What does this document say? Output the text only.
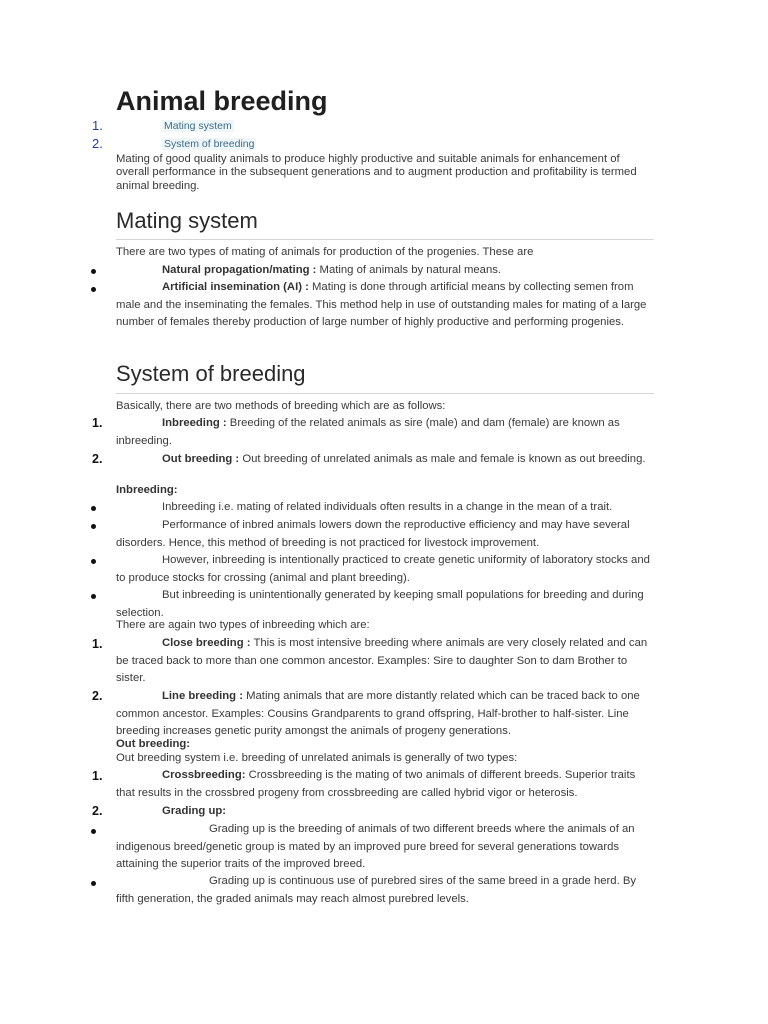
Animal breeding
1.	Mating system
2.	System of breeding
Mating of good quality animals to produce highly productive and suitable animals for enhancement of overall performance in the subsequent generations and to augment production and profitability is termed animal breeding.
Mating system
There are two types of mating of animals for production of the progenies. These are
Natural propagation/mating : Mating of animals by natural means.
Artificial insemination (AI) : Mating is done through artificial means by collecting semen from male and the inseminating the females. This method help in use of outstanding males for mating of a large number of females thereby production of large number of highly productive and performing progenies.
System of breeding
Basically, there are two methods of breeding which are as follows:
1.	Inbreeding : Breeding of the related animals as sire (male) and dam (female) are known as inbreeding.
2.	Out breeding : Out breeding of unrelated animals as male and female is known as out breeding.
Inbreeding:
Inbreeding i.e. mating of related individuals often results in a change in the mean of a trait.
Performance of inbred animals lowers down the reproductive efficiency and may have several disorders. Hence, this method of breeding is not practiced for livestock improvement.
However, inbreeding is intentionally practiced to create genetic uniformity of laboratory stocks and to produce stocks for crossing (animal and plant breeding).
But inbreeding is unintentionally generated by keeping small populations for breeding and during selection.
There are again two types of inbreeding which are:
1.	Close breeding : This is most intensive breeding where animals are very closely related and can be traced back to more than one common ancestor. Examples: Sire to daughter Son to dam Brother to sister.
2.	Line breeding : Mating animals that are more distantly related which can be traced back to one common ancestor. Examples: Cousins Grandparents to grand offspring, Half-brother to half-sister. Line breeding increases genetic purity amongst the animals of progeny generations.
Out breeding:
Out breeding system i.e. breeding of unrelated animals is generally of two types:
1.	Crossbreeding: Crossbreeding is the mating of two animals of different breeds. Superior traits that results in the crossbred progeny from crossbreeding are called hybrid vigor or heterosis.
2.	Grading up:
Grading up is the breeding of animals of two different breeds where the animals of an indigenous breed/genetic group is mated by an improved pure breed for several generations towards attaining the superior traits of the improved breed.
Grading up is continuous use of purebred sires of the same breed in a grade herd. By fifth generation, the graded animals may reach almost purebred levels.
